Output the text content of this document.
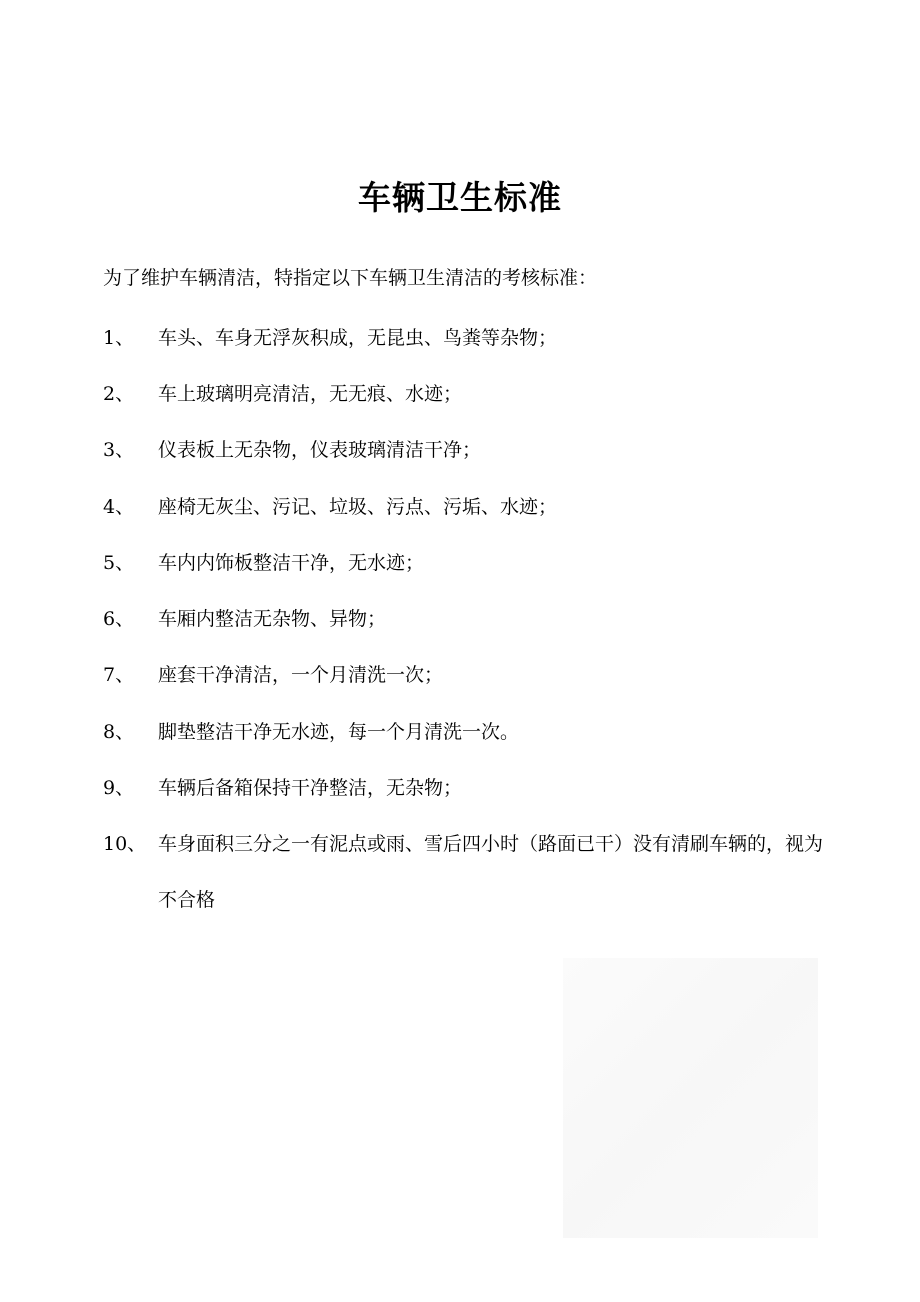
车辆卫生标准
为了维护车辆清洁，特指定以下车辆卫生清洁的考核标准：
1、 车头、车身无浮灰积成，无昆虫、鸟粪等杂物；
2、 车上玻璃明亮清洁，无无痕、水迹；
3、 仪表板上无杂物，仪表玻璃清洁干净；
4、 座椅无灰尘、污记、垃圾、污点、污垢、水迹；
5、 车内内饰板整洁干净，无水迹；
6、 车厢内整洁无杂物、异物；
7、 座套干净清洁，一个月清洗一次；
8、 脚垫整洁干净无水迹，每一个月清洗一次。
9、 车辆后备箱保持干净整洁，无杂物；
10、 车身面积三分之一有泥点或雨、雪后四小时（路面已干）没有清刷车辆的，视为不合格
